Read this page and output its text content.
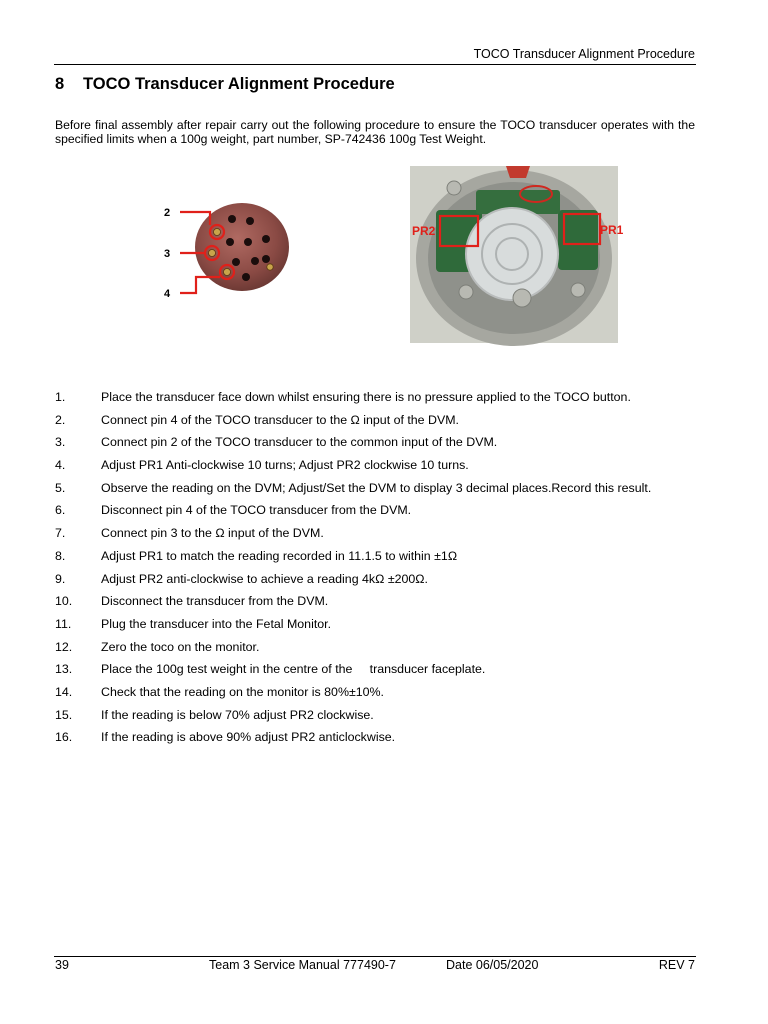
TOCO Transducer Alignment Procedure
8 TOCO Transducer Alignment Procedure
Before final assembly after repair carry out the following procedure to ensure the TOCO transducer operates with the specified limits when a 100g weight, part number, SP-742436 100g Test Weight.
2
3
4
PR2	PR1
1.	Place the transducer face down whilst ensuring there is no pressure applied to the TOCO button.
2.	Connect pin 4 of the TOCO transducer to the Ω input of the DVM.
3.	Connect pin 2 of the TOCO transducer to the common input of the DVM.
4.	Adjust PR1 Anti-clockwise 10 turns; Adjust PR2 clockwise 10 turns.
5.	Observe the reading on the DVM; Adjust/Set the DVM to display 3 decimal places.Record this result.
6.	Disconnect pin 4 of the TOCO transducer from the DVM.
7.	Connect pin 3 to the Ω input of the DVM.
8.	Adjust PR1 to match the reading recorded in 11.1.5 to within ±1Ω
9.	Adjust PR2 anti-clockwise to achieve a reading 4kΩ ±200Ω.
10.	Disconnect the transducer from the DVM.
11.	Plug the transducer into the Fetal Monitor.
12.	Zero the toco on the monitor.
13.	Place the 100g test weight in the centre of the     transducer faceplate.
14.	Check that the reading on the monitor is 80%±10%.
15.	If the reading is below 70% adjust PR2 clockwise.
16.	If the reading is above 90% adjust PR2 anticlockwise.
39	Team 3 Service Manual 777490-7	Date 06/05/2020	REV 7
